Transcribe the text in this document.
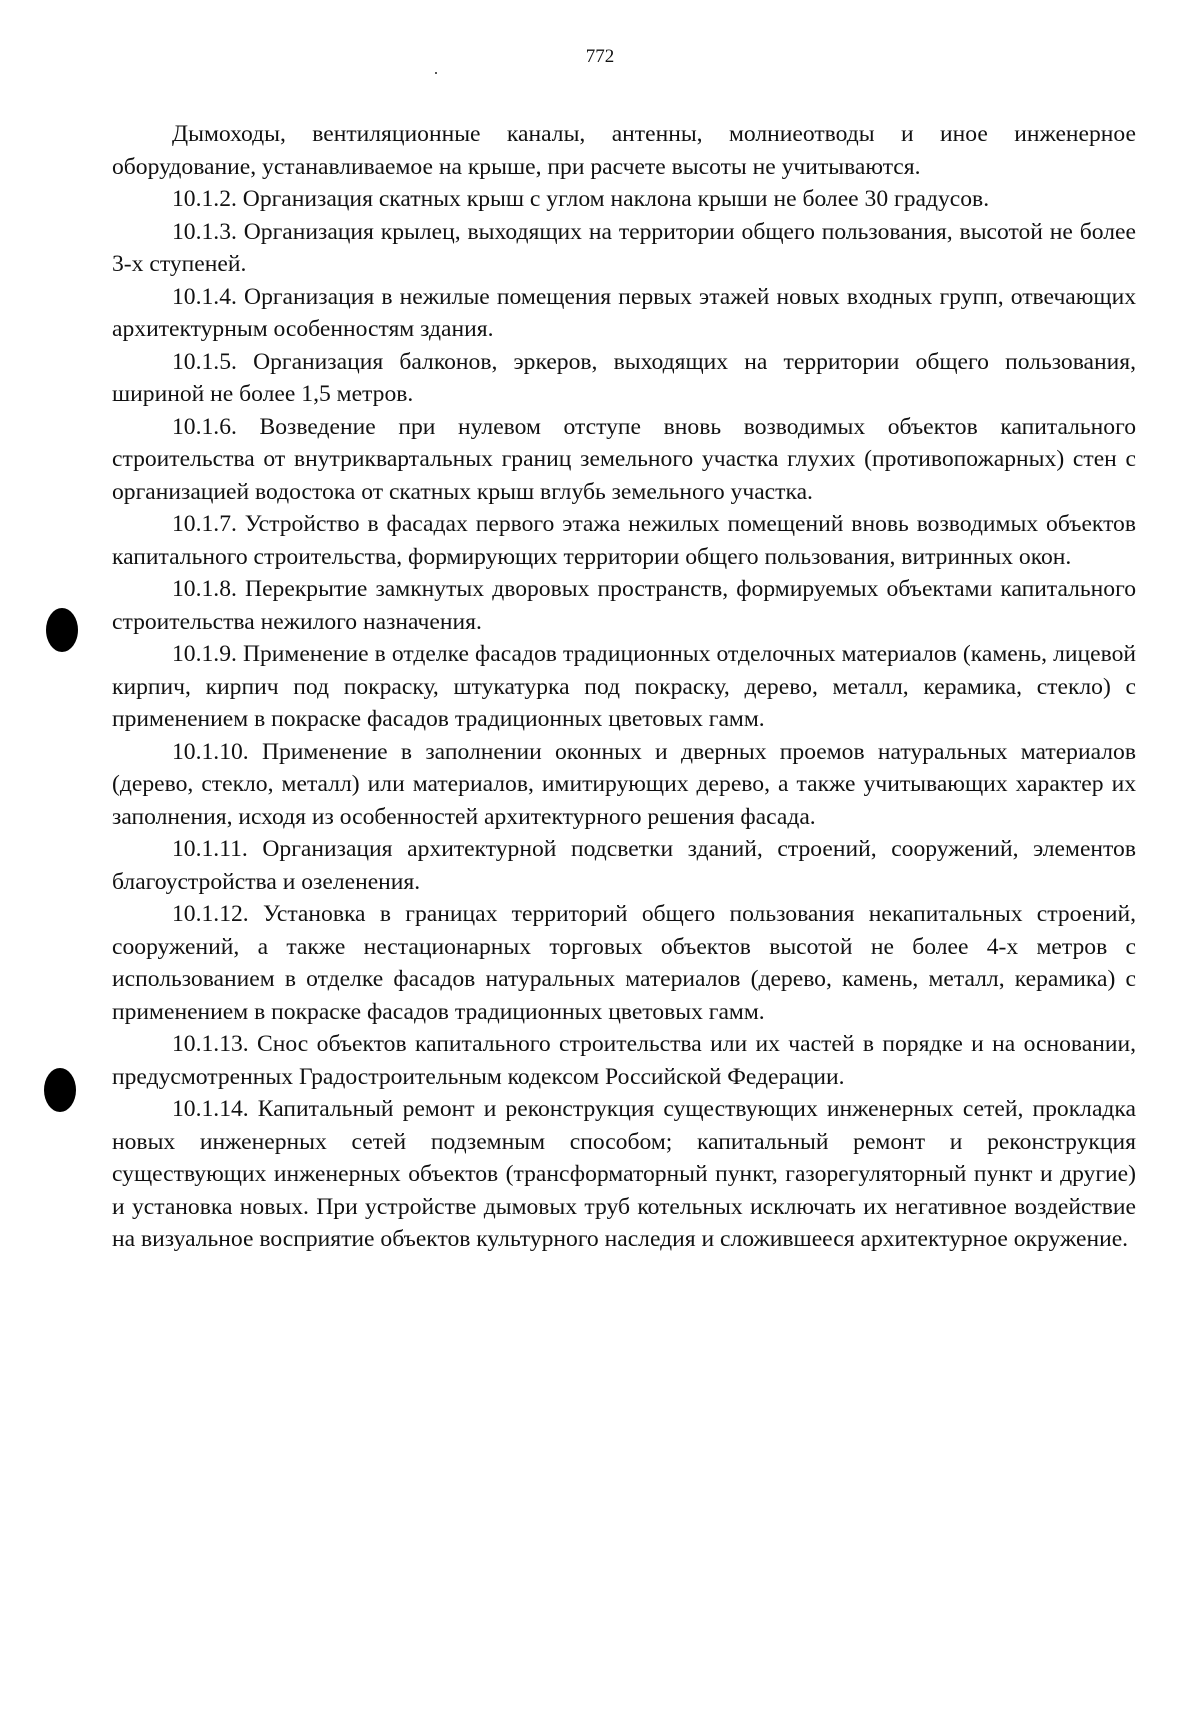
772

Дымоходы, вентиляционные каналы, антенны, молниеотводы и иное инженерное оборудование, устанавливаемое на крыше, при расчете высоты не учитываются.

10.1.2. Организация скатных крыш с углом наклона крыши не более 30 градусов.

10.1.3. Организация крылец, выходящих на территории общего пользования, высотой не более 3-х ступеней.

10.1.4. Организация в нежилые помещения первых этажей новых входных групп, отвечающих архитектурным особенностям здания.

10.1.5. Организация балконов, эркеров, выходящих на территории общего пользования, шириной не более 1,5 метров.

10.1.6. Возведение при нулевом отступе вновь возводимых объектов капитального строительства от внутриквартальных границ земельного участка глухих (противопожарных) стен с организацией водостока от скатных крыш вглубь земельного участка.

10.1.7. Устройство в фасадах первого этажа нежилых помещений вновь возводимых объектов капитального строительства, формирующих территории общего пользования, витринных окон.

10.1.8. Перекрытие замкнутых дворовых пространств, формируемых объектами капитального строительства нежилого назначения.

10.1.9. Применение в отделке фасадов традиционных отделочных материалов (камень, лицевой кирпич, кирпич под покраску, штукатурка под покраску, дерево, металл, керамика, стекло) с применением в покраске фасадов традиционных цветовых гамм.

10.1.10. Применение в заполнении оконных и дверных проемов натуральных материалов (дерево, стекло, металл) или материалов, имитирующих дерево, а также учитывающих характер их заполнения, исходя из особенностей архитектурного решения фасада.

10.1.11. Организация архитектурной подсветки зданий, строений, сооружений, элементов благоустройства и озеленения.

10.1.12. Установка в границах территорий общего пользования некапитальных строений, сооружений, а также нестационарных торговых объектов высотой не более 4-х метров с использованием в отделке фасадов натуральных материалов (дерево, камень, металл, керамика) с применением в покраске фасадов традиционных цветовых гамм.

10.1.13. Снос объектов капитального строительства или их частей в порядке и на основании, предусмотренных Градостроительным кодексом Российской Федерации.

10.1.14. Капитальный ремонт и реконструкция существующих инженерных сетей, прокладка новых инженерных сетей подземным способом; капитальный ремонт и реконструкция существующих инженерных объектов (трансформаторный пункт, газорегуляторный пункт и другие) и установка новых. При устройстве дымовых труб котельных исключать их негативное воздействие на визуальное восприятие объектов культурного наследия и сложившееся архитектурное окружение.
